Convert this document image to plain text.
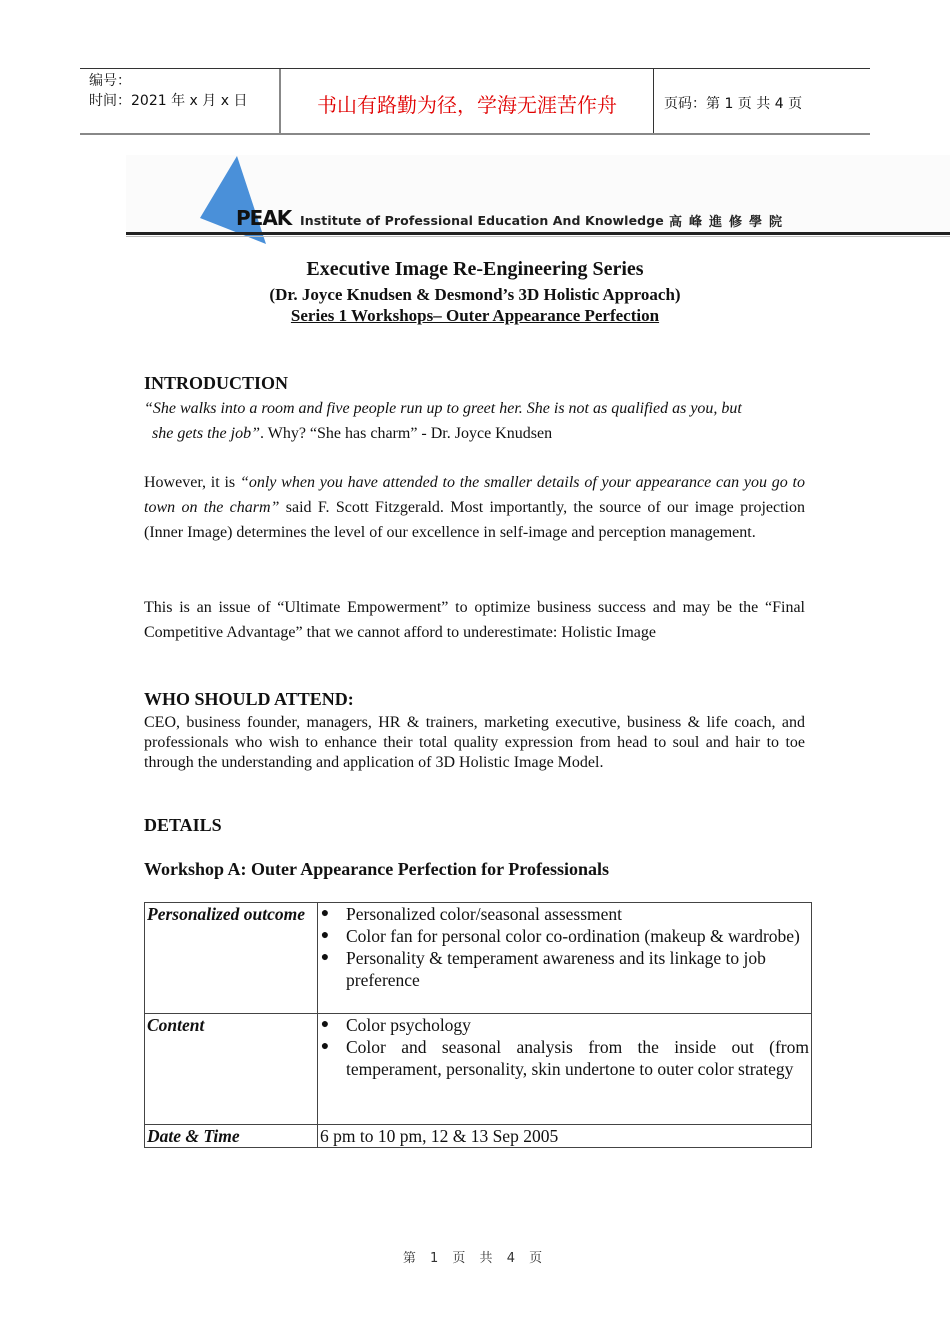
编号：
时间：2021 年 x 月 x 日	书山有路勤为径，学海无涯苦作舟	页码：第 1 页 共 4 页
PEAK Institute of Professional Education And Knowledge 高峰進修學院
Executive Image Re-Engineering Series
(Dr. Joyce Knudsen & Desmond’s 3D Holistic Approach)
Series 1 Workshops– Outer Appearance Perfection
INTRODUCTION
“She walks into a room and five people run up to greet her. She is not as qualified as you, but
she gets the job”. Why? “She has charm” - Dr. Joyce Knudsen
However, it is “only when you have attended to the smaller details of your appearance can you go to town on the charm” said F. Scott Fitzgerald. Most importantly, the source of our image projection (Inner Image) determines the level of our excellence in self-image and perception management.
This is an issue of “Ultimate Empowerment” to optimize business success and may be the “Final Competitive Advantage” that we cannot afford to underestimate: Holistic Image
WHO SHOULD ATTEND:
CEO, business founder, managers, HR & trainers, marketing executive, business & life coach, and professionals who wish to enhance their total quality expression from head to soul and hair to toe through the understanding and application of 3D Holistic Image Model.
DETAILS
Workshop A: Outer Appearance Perfection for Professionals
Personalized outcome	● Personalized color/seasonal assessment
● Color fan for personal color co-ordination (makeup & wardrobe)
● Personality & temperament awareness and its linkage to job preference

Content	● Color psychology
● Color and seasonal analysis from the inside out (from temperament, personality, skin undertone to outer color strategy

Date & Time	6 pm to 10 pm, 12 & 13 Sep 2005
第 1 页 共 4 页
